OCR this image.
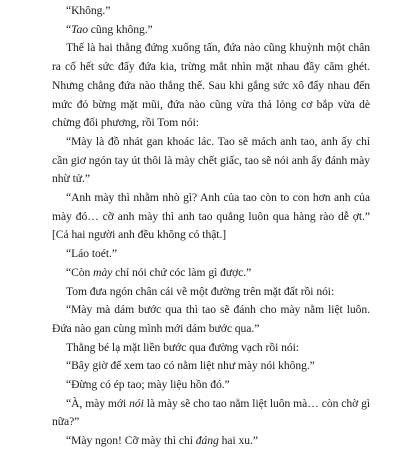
“Không.”

“Tao cũng không.”

Thế là hai thằng đứng xuống tấn, đứa nào cũng khuỳnh một chân ra cố hết sức đẩy đứa kia, trừng mắt nhìn mặt nhau đầy căm ghét. Nhưng chẳng đứa nào thắng thế. Sau khi gắng sức xô đẩy nhau đến mức đỏ bừng mặt mũi, đứa nào cũng vừa thả lỏng cơ bắp vừa dè chừng đối phương, rồi Tom nói:

“Mày là đồ nhát gan khoác lác. Tao sẽ mách anh tao, anh ấy chỉ cần giơ ngón tay út thôi là mày chết giấc, tao sẽ nói anh ấy đánh mày nhừ tử.”

“Anh mày thì nhằm nhò gì? Anh của tao còn to con hơn anh của mày đó… cỡ anh mày thì anh tao quẳng luôn qua hàng rào dễ ợt.” [Cả hai người anh đều không có thật.]

“Láo toét.”

“Còn mày chỉ nói chứ cóc làm gì được.”

Tom đưa ngón chân cái vẽ một đường trên mặt đất rồi nói:

“Mày mà dám bước qua thì tao sẽ đánh cho mày nằm liệt luôn. Đứa nào gan cùng mình mới dám bước qua.”

Thằng bé lạ mặt liền bước qua đường vạch rồi nói:

“Bây giờ để xem tao có nằm liệt như mày nói không.”

“Đừng có ép tao; mày liệu hồn đó.”

“À, mày mới nói là mày sẽ cho tao nằm liệt luôn mà… còn chờ gì nữa?”

“Mày ngon! Cỡ mày thì chỉ đáng hai xu.”
